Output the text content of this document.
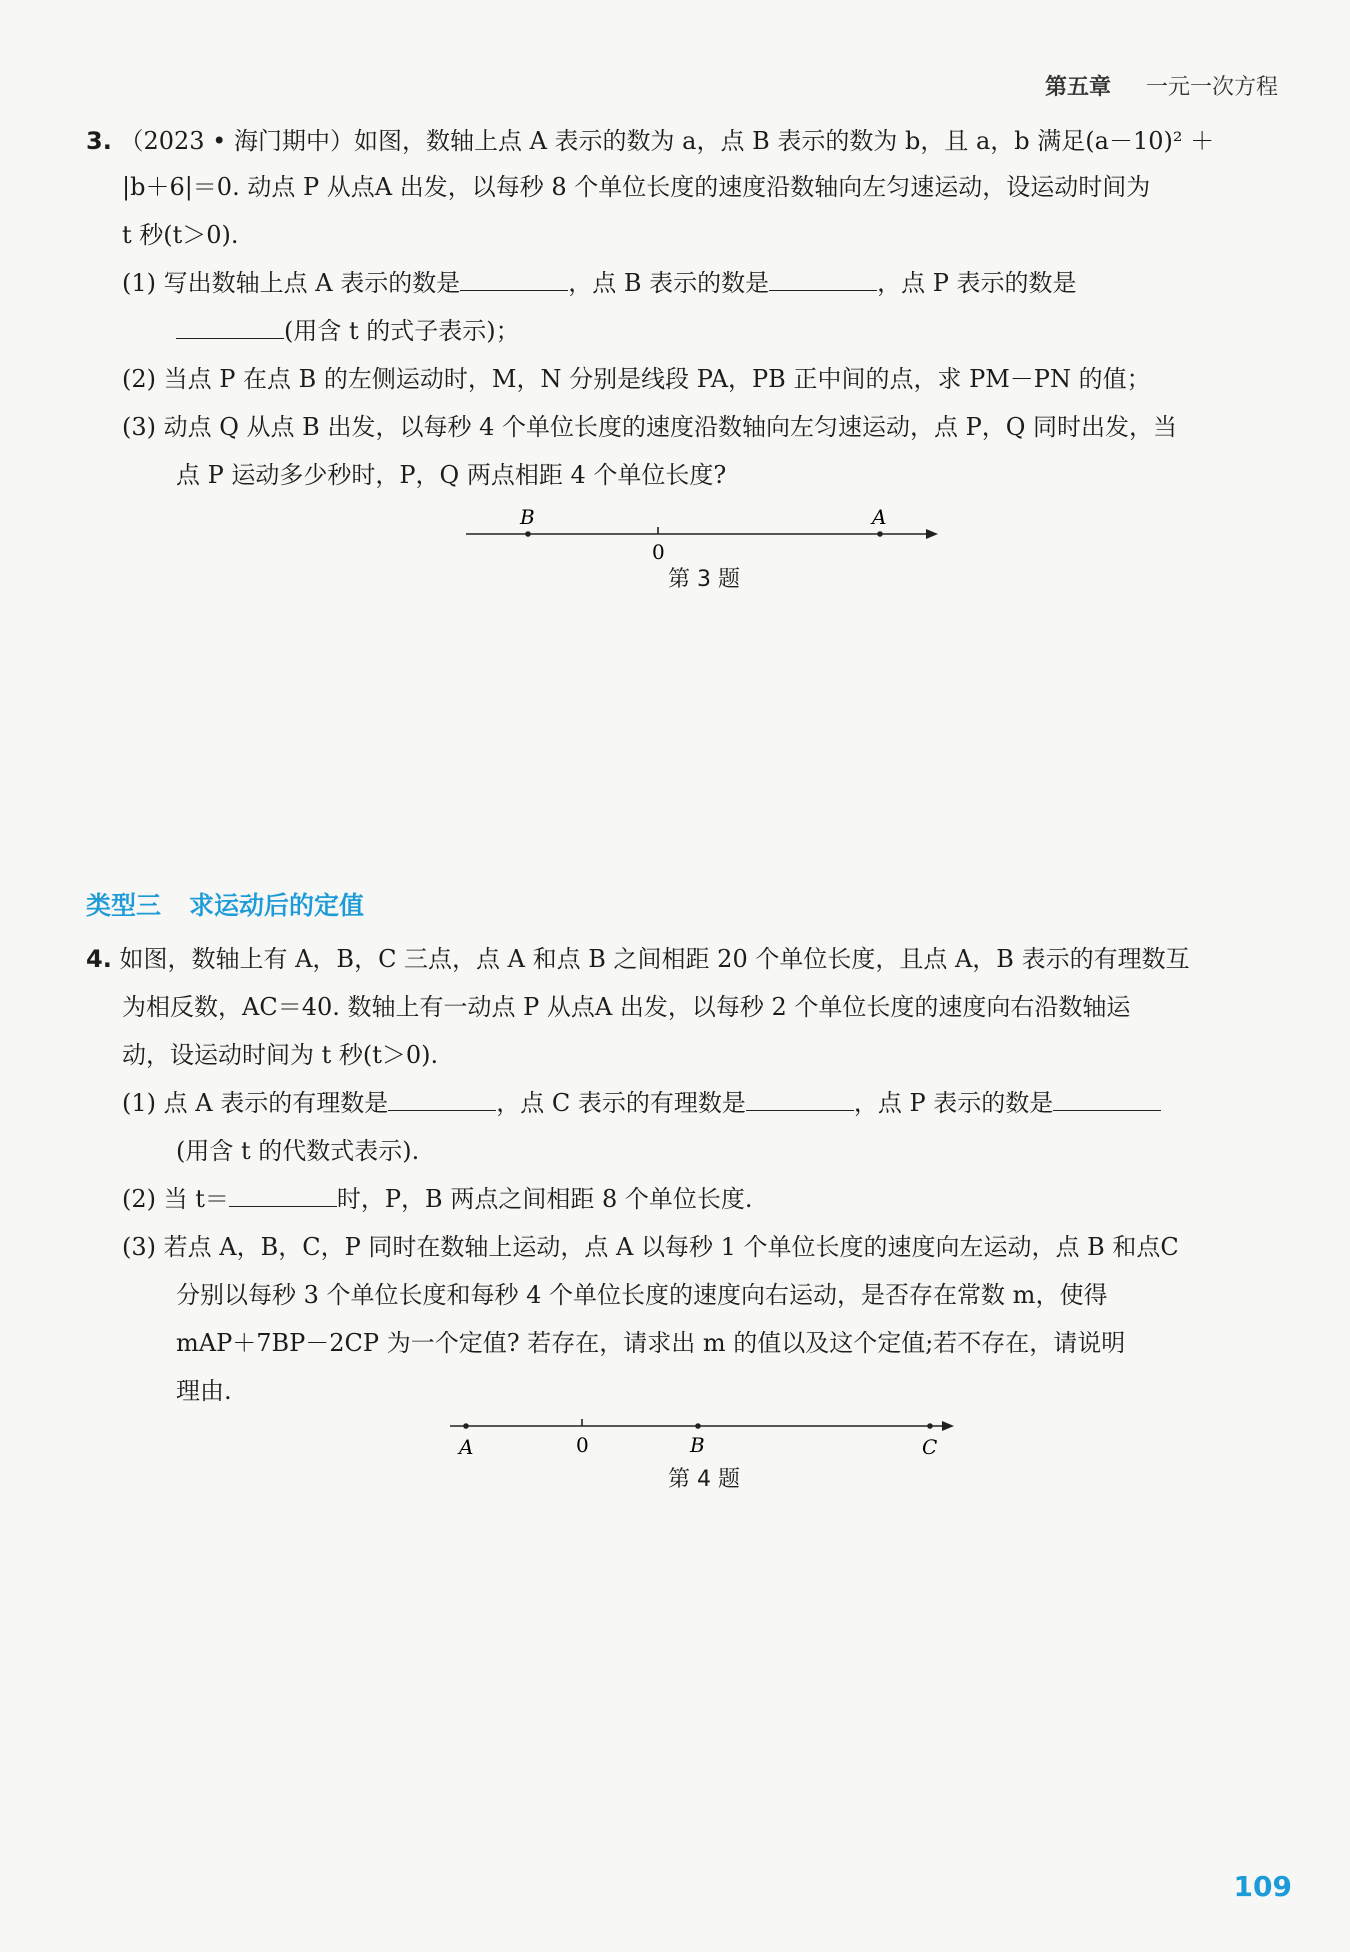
第五章 一元一次方程
3. （2023 • 海门期中）如图，数轴上点 A 表示的数为 a，点 B 表示的数为 b，且 a，b 满足(a－10)² ＋
|b＋6|＝0. 动点 P 从点A 出发，以每秒 8 个单位长度的速度沿数轴向左匀速运动，设运动时间为
t 秒(t＞0).
(1) 写出数轴上点 A 表示的数是	，点 B 表示的数是	，点 P 表示的数是
(用含 t 的式子表示)；
(2) 当点 P 在点 B 的左侧运动时，M，N 分别是线段 PA，PB 正中间的点，求 PM－PN 的值；
(3) 动点 Q 从点 B 出发，以每秒 4 个单位长度的速度沿数轴向左匀速运动，点 P，Q 同时出发，当
点 P 运动多少秒时，P，Q 两点相距 4 个单位长度?
B	A
0
第 3 题
类型三 求运动后的定值
4. 如图，数轴上有 A，B，C 三点，点 A 和点 B 之间相距 20 个单位长度，且点 A，B 表示的有理数互
为相反数，AC＝40. 数轴上有一动点 P 从点A 出发，以每秒 2 个单位长度的速度向右沿数轴运
动，设运动时间为 t 秒(t＞0).
(1) 点 A 表示的有理数是	，点 C 表示的有理数是	，点 P 表示的数是
(用含 t 的代数式表示).
(2) 当 t＝	时，P，B 两点之间相距 8 个单位长度.
(3) 若点 A，B，C，P 同时在数轴上运动，点 A 以每秒 1 个单位长度的速度向左运动，点 B 和点C
分别以每秒 3 个单位长度和每秒 4 个单位长度的速度向右运动，是否存在常数 m，使得
mAP＋7BP－2CP 为一个定值? 若存在，请求出 m 的值以及这个定值;若不存在，请说明
理由.
A	0	B	C
第 4 题
109
